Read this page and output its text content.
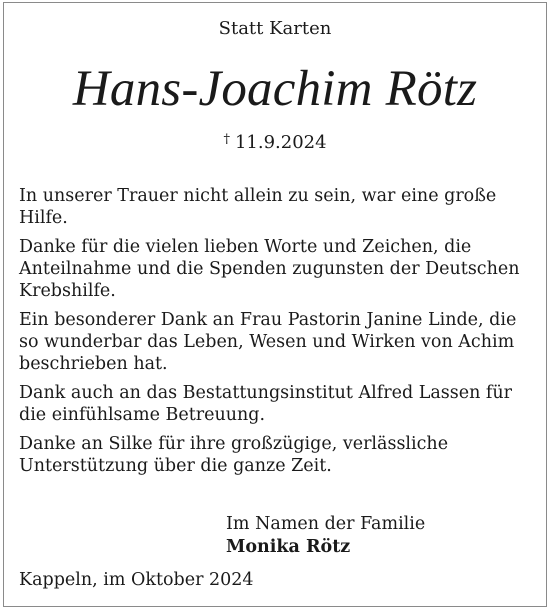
Statt Karten
Hans-Joachim Rötz
† 11.9.2024

In unserer Trauer nicht allein zu sein, war eine große Hilfe.

Danke für die vielen lieben Worte und Zeichen, die Anteilnahme und die Spenden zugunsten der Deutschen Krebshilfe.

Ein besonderer Dank an Frau Pastorin Janine Linde, die so wunderbar das Leben, Wesen und Wirken von Achim beschrieben hat.

Dank auch an das Bestattungsinstitut Alfred Lassen für die einfühlsame Betreuung.

Danke an Silke für ihre großzügige, verlässliche Unterstützung über die ganze Zeit.

Im Namen der Familie
Monika Rötz
Kappeln, im Oktober 2024
